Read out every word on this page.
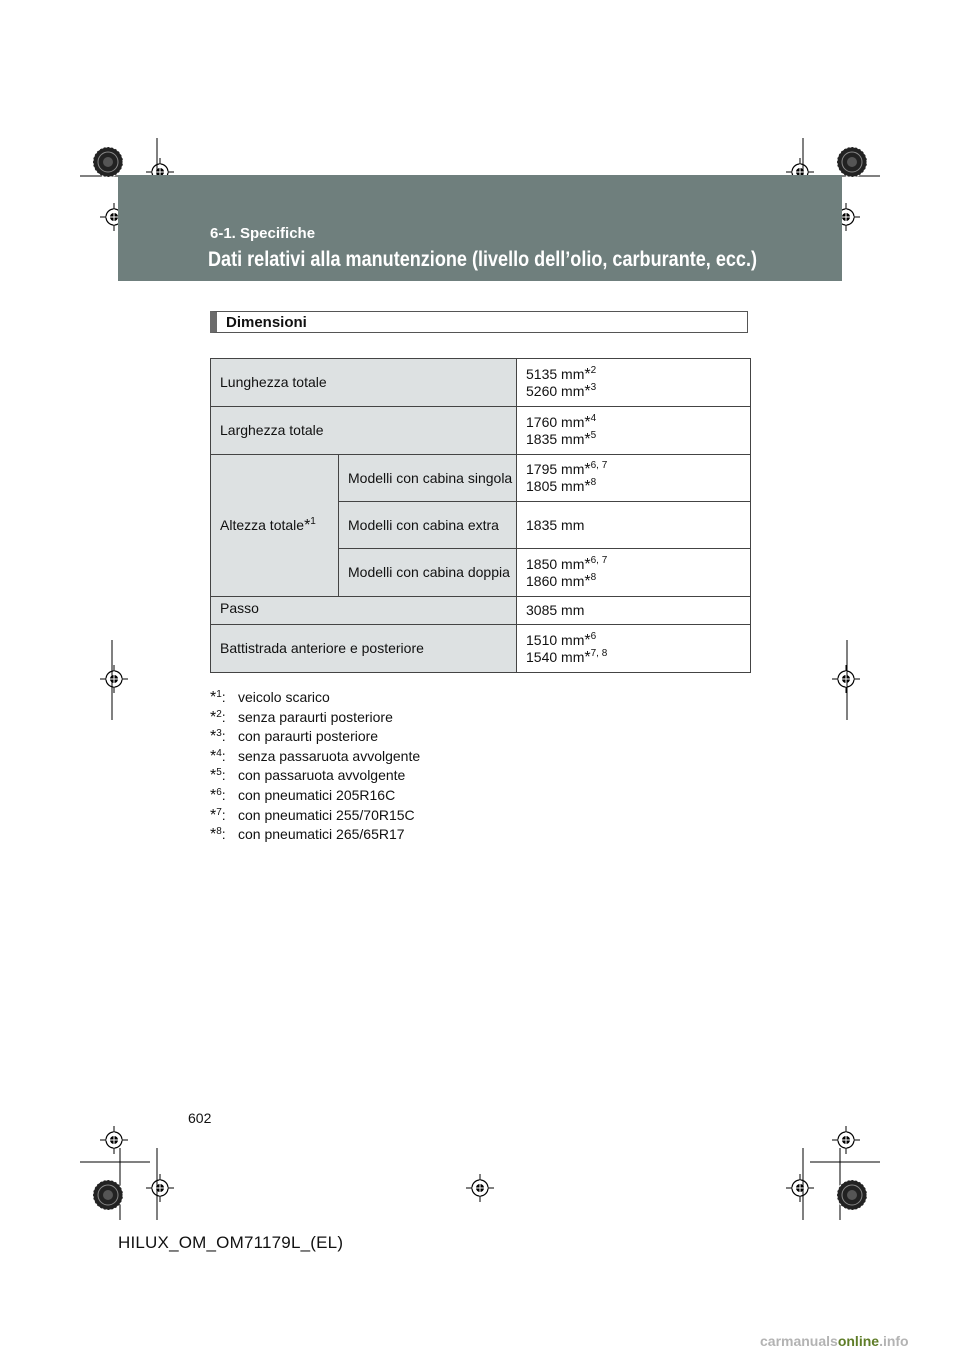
HILUX_OM_OM71179L_(EL).book Page 602 Wednesday, May 16, 2012 11:37 AM
6-1. Specifiche
Dati relativi alla manutenzione (livello dell’olio, carburante, ecc.)
Dimensioni
Lunghezza totale		5135 mm*$^2$
5260 mm*$^3$
Larghezza totale		1760 mm*$^4$
1835 mm*$^5$
Altezza totale*$^1$	Modelli con cabina singola	1795 mm*$^{6, 7}$
1805 mm*$^8$
	Modelli con cabina extra	1835 mm
	Modelli con cabina doppia	1850 mm*$^{6, 7}$
1860 mm*$^8$
Passo		3085 mm
Battistrada anteriore e posteriore		1510 mm*$^6$
1540 mm*$^{7, 8}$
*$^1$: veicolo scarico
*$^2$: senza paraurti posteriore
*$^3$: con paraurti posteriore
*$^4$: senza passaruota avvolgente
*$^5$: con passaruota avvolgente
*$^6$: con pneumatici 205R16C
*$^7$: con pneumatici 255/70R15C
*$^8$: con pneumatici 265/65R17
602
HILUX_OM_OM71179L_(EL)
carmanualsonline.info
